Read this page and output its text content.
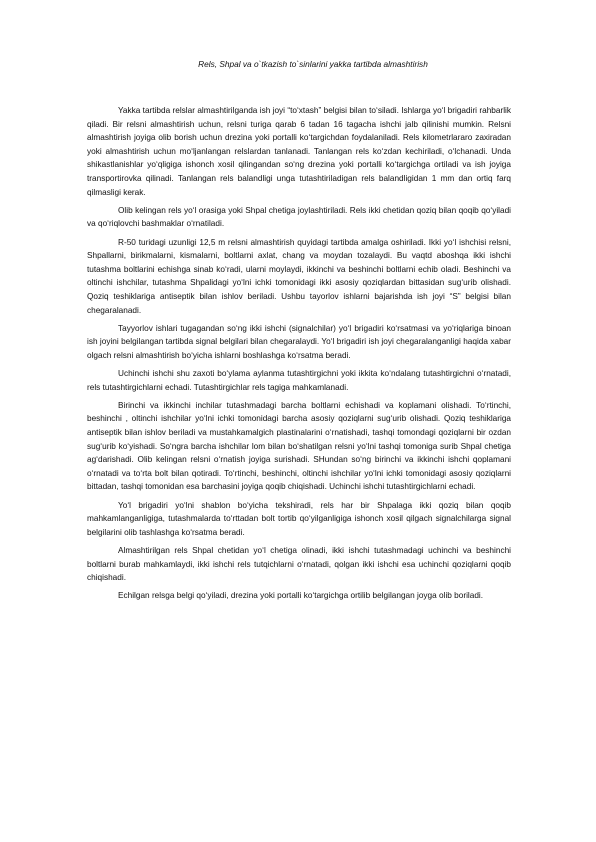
Rels, Shpal va o`tkazish to`sinlarini yakka tartibda almashtirish

Yakka tartibda relslar almashtirilganda ish joyi “to‘xtash” belgisi bilan to‘siladi. Ishlarga yo‘l brigadiri rahbarlik qiladi. Bir relsni almashtirish uchun, relsni turiga qarab 6 tadan 16 tagacha ishchi jalb qilinishi mumkin. Relsni almashtirish joyiga olib borish uchun drezina yoki portalli ko‘targichdan foydalaniladi. Rels kilometrlararo zaxiradan yoki almashtirish uchun mo‘ljanlangan relslardan tanlanadi. Tanlangan rels ko‘zdan kechiriladi, o‘lchanadi. Unda shikastlanishlar yo‘qligiga ishonch xosil qilingandan so‘ng drezina yoki portalli ko‘targichga ortiladi va ish joyiga transportirovka qilinadi. Tanlangan rels balandligi unga tutashtiriladigan rels balandligidan 1 mm dan ortiq farq qilmasligi kerak.

Olib kelingan rels yo‘l orasiga yoki Shpal chetiga joylashtiriladi. Rels ikki chetidan qoziq bilan qoqib qo‘yiladi va qo‘riqlovchi bashmaklar o‘rnatiladi.

R-50 turidagi uzunligi 12,5 m relsni almashtirish quyidagi tartibda amalga oshiriladi. Ikki yo‘l ishchisi relsni, Shpallarni, birikmalarni, kismalarni, boltlarni axlat, chang va moydan tozalaydi. Bu vaqtd aboshqa ikki ishchi tutashma boltlarini echishga sinab ko‘radi, ularni moylaydi, ikkinchi va beshinchi boltlarni echib oladi. Beshinchi va oltinchi ishchilar, tutashma Shpalidagi yo‘lni ichki tomonidagi ikki asosiy qoziqlardan bittasidan sug‘urib olishadi. Qoziq teshiklariga antiseptik bilan ishlov beriladi. Ushbu tayorlov ishlarni bajarishda ish joyi “S” belgisi bilan chegaralanadi.

Tayyorlov ishlari tugagandan so‘ng ikki ishchi (signalchilar) yo‘l brigadiri ko‘rsatmasi va yo‘riqlariga binoan ish joyini belgilangan tartibda signal belgilari bilan chegaralaydi. Yo‘l brigadiri ish joyi chegaralanganligi haqida xabar olgach relsni almashtirish bo‘yicha ishlarni boshlashga ko‘rsatma beradi.

Uchinchi ishchi shu zaxoti bo‘ylama aylanma tutashtirgichni yoki ikkita ko‘ndalang tutashtirgichni o‘rnatadi, rels tutashtirgichlarni echadi. Tutashtirgichlar rels tagiga mahkamlanadi.

Birinchi va ikkinchi inchilar tutashmadagi barcha boltlarni echishadi va koplamani olishadi. To‘rtinchi, beshinchi , oltinchi ishchilar yo‘lni ichki tomonidagi barcha asosiy qoziqlarni sug‘urib olishadi. Qoziq teshiklariga antiseptik bilan ishlov beriladi va mustahkamalgich plastinalarini o‘rnatishadi, tashqi tomondagi qoziqlarni bir ozdan sug‘urib ko‘yishadi. So‘ngra barcha ishchilar lom bilan bo‘shatilgan relsni yo‘lni tashqi tomoniga surib Shpal chetiga ag‘darishadi. Olib kelingan relsni o‘rnatish joyiga surishadi. SHundan so‘ng birinchi va ikkinchi ishchi qoplamani o‘rnatadi va to‘rta bolt bilan qotiradi. To‘rtinchi, beshinchi, oltinchi ishchilar yo‘lni ichki tomonidagi asosiy qoziqlarni bittadan, tashqi tomonidan esa barchasini joyiga qoqib chiqishadi. Uchinchi ishchi tutashtirgichlarni echadi.

Yo‘l brigadiri yo‘lni shablon bo‘yicha tekshiradi, rels har bir Shpalaga ikki qoziq bilan qoqib mahkamlanganligiga, tutashmalarda to‘rttadan bolt tortib qo‘yilganligiga ishonch xosil qilgach signalchilarga signal belgilarini olib tashlashga ko‘rsatma beradi.

Almashtirilgan rels Shpal chetidan yo‘l chetiga olinadi, ikki ishchi tutashmadagi uchinchi va beshinchi boltlarni burab mahkamlaydi, ikki ishchi rels tutqichlarni o‘rnatadi, qolgan ikki ishchi esa uchinchi qoziqlarni qoqib chiqishadi.

Echilgan relsga belgi qo‘yiladi, drezina yoki portalli ko‘targichga ortilib belgilangan joyga olib boriladi.
